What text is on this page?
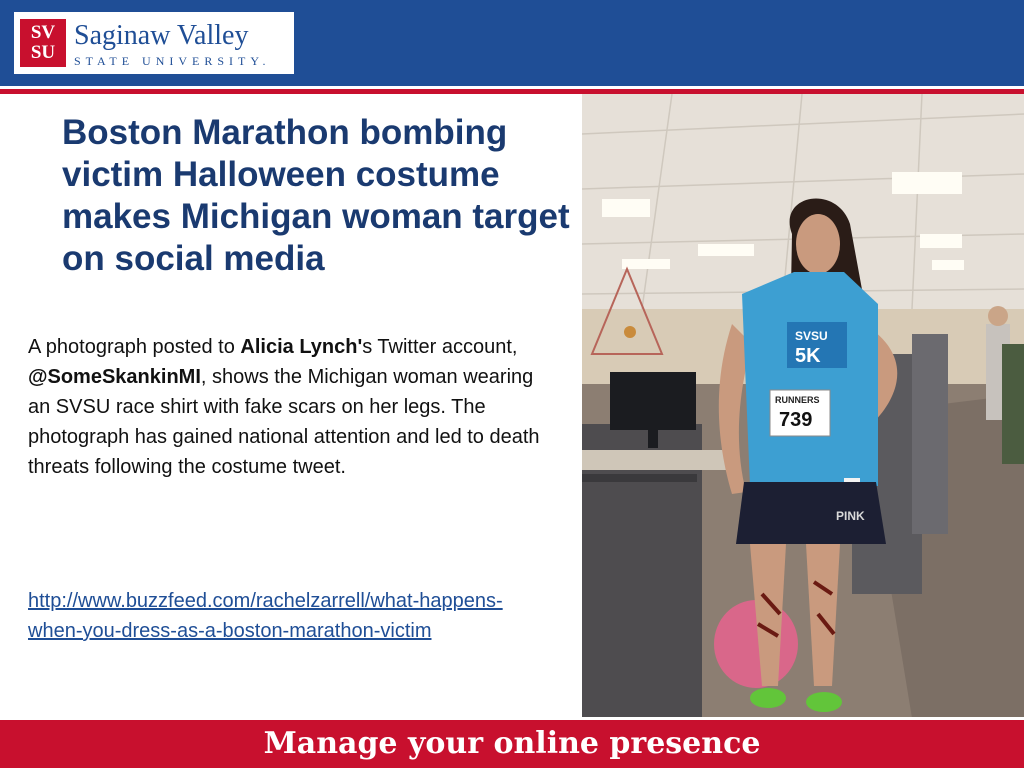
SV
SU
Saginaw Valley
STATE UNIVERSITY.
Boston Marathon bombing victim Halloween costume makes Michigan woman target on social media

A photograph posted to Alicia Lynch's Twitter account, @SomeSkankinMI, shows the Michigan woman wearing an SVSU race shirt with fake scars on her legs. The photograph has gained national attention and led to death threats following the costume tweet.

http://www.buzzfeed.com/rachelzarrell/what-happens-when-you-dress-as-a-boston-marathon-victim

SVSU
5K
RUNNERS
739
PINK
Manage your online presence
